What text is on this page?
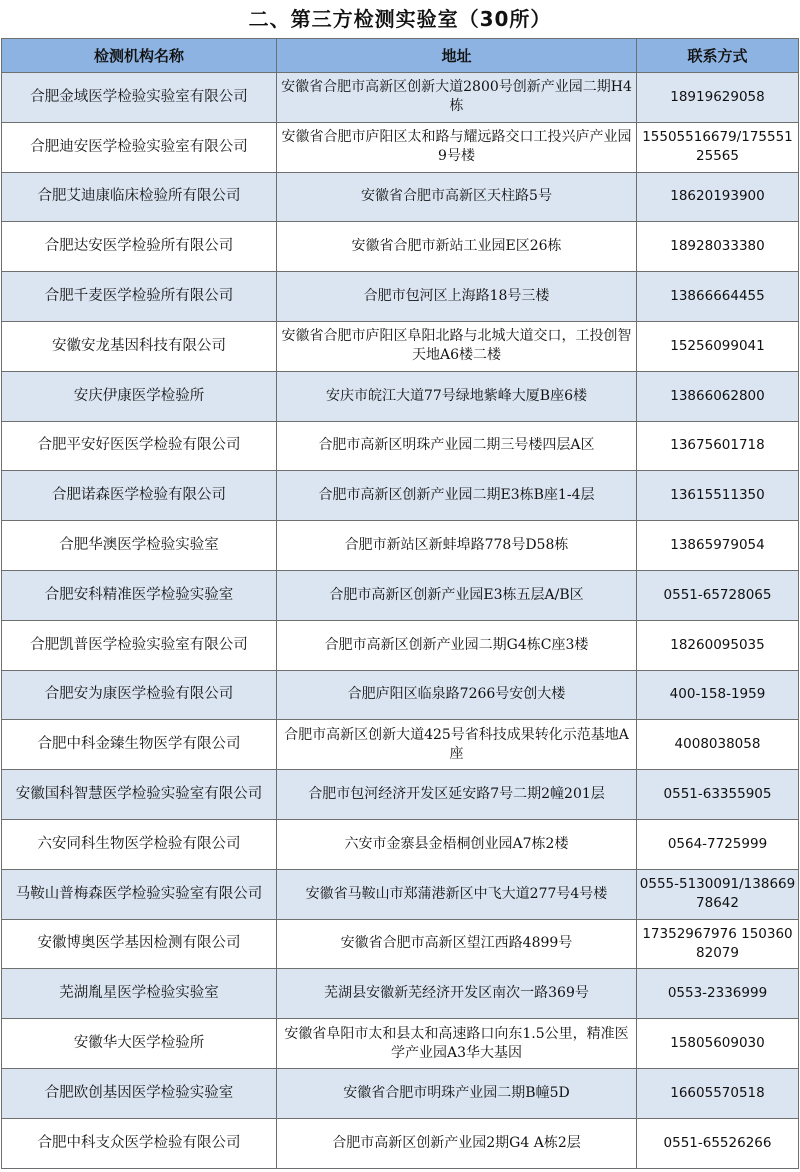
二、第三方检测实验室（30所）
检测机构名称	地址	联系方式
合肥金域医学检验实验室有限公司	安徽省合肥市高新区创新大道2800号创新产业园二期H4栋	18919629058
合肥迪安医学检验实验室有限公司	安徽省合肥市庐阳区太和路与耀远路交口工投兴庐产业园9号楼	15505516679/17555125565
合肥艾迪康临床检验所有限公司	安徽省合肥市高新区天柱路5号	18620193900
合肥达安医学检验所有限公司	安徽省合肥市新站工业园E区26栋	18928033380
合肥千麦医学检验所有限公司	合肥市包河区上海路18号三楼	13866664455
安徽安龙基因科技有限公司	安徽省合肥市庐阳区阜阳北路与北城大道交口，工投创智天地A6楼二楼	15256099041
安庆伊康医学检验所	安庆市皖江大道77号绿地紫峰大厦B座6楼	13866062800
合肥平安好医医学检验有限公司	合肥市高新区明珠产业园二期三号楼四层A区	13675601718
合肥诺森医学检验有限公司	合肥市高新区创新产业园二期E3栋B座1-4层	13615511350
合肥华澳医学检验实验室	合肥市新站区新蚌埠路778号D58栋	13865979054
合肥安科精准医学检验实验室	合肥市高新区创新产业园E3栋五层A/B区	0551-65728065
合肥凯普医学检验实验室有限公司	合肥市高新区创新产业园二期G4栋C座3楼	18260095035
合肥安为康医学检验有限公司	合肥庐阳区临泉路7266号安创大楼	400-158-1959
合肥中科金臻生物医学有限公司	合肥市高新区创新大道425号省科技成果转化示范基地A座	4008038058
安徽国科智慧医学检验实验室有限公司	合肥市包河经济开发区延安路7号二期2幢201层	0551-63355905
六安同科生物医学检验有限公司	六安市金寨县金梧桐创业园A7栋2楼	0564-7725999
马鞍山普梅森医学检验实验室有限公司	安徽省马鞍山市郑蒲港新区中飞大道277号4号楼	0555-5130091/13866978642
安徽博奥医学基因检测有限公司	安徽省合肥市高新区望江西路4899号	17352967976 15036082079
芜湖胤星医学检验实验室	芜湖县安徽新芜经济开发区南次一路369号	0553-2336999
安徽华大医学检验所	安徽省阜阳市太和县太和高速路口向东1.5公里，精准医学产业园A3华大基因	15805609030
合肥欧创基因医学检验实验室	安徽省合肥市明珠产业园二期B幢5D	16605570518
合肥中科支众医学检验有限公司	合肥市高新区创新产业园2期G4 A栋2层	0551-65526266
